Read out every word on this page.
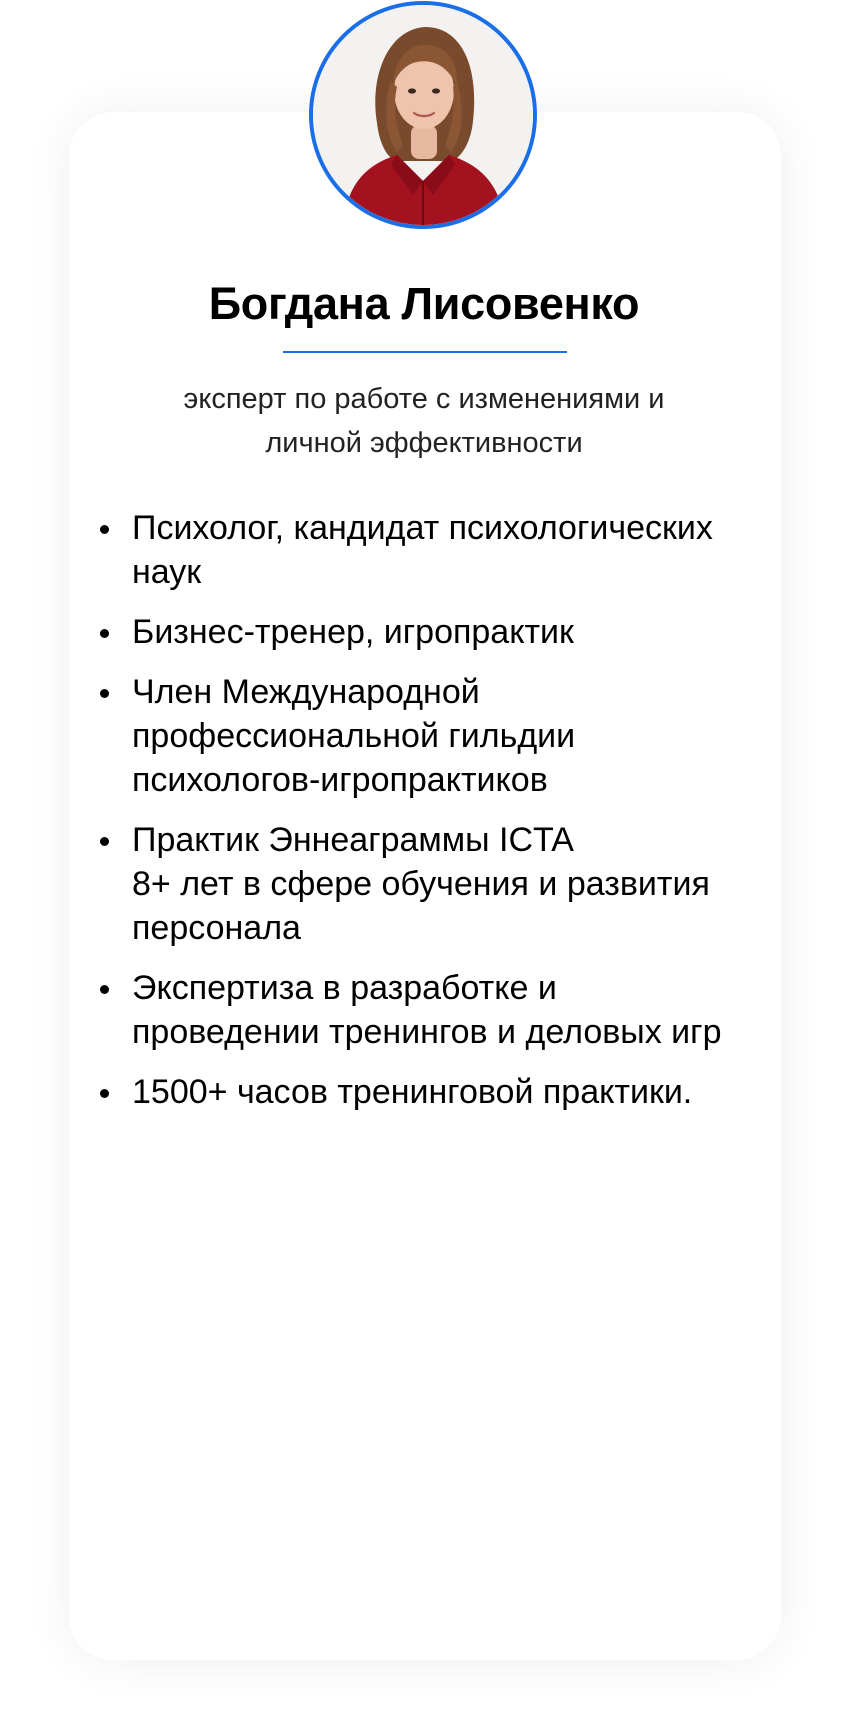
Богдана Лисовенко

эксперт по работе с изменениями и
личной эффективности

Психолог, кандидат психологических
наук
Бизнес-тренер, игропрактик
Член Международной
профессиональной гильдии
психологов-игропрактиков
Практик Эннеаграммы ICTA
8+ лет в сфере обучения и развития
персонала
Экспертиза в разработке и
проведении тренингов и деловых игр
1500+ часов тренинговой практики.
